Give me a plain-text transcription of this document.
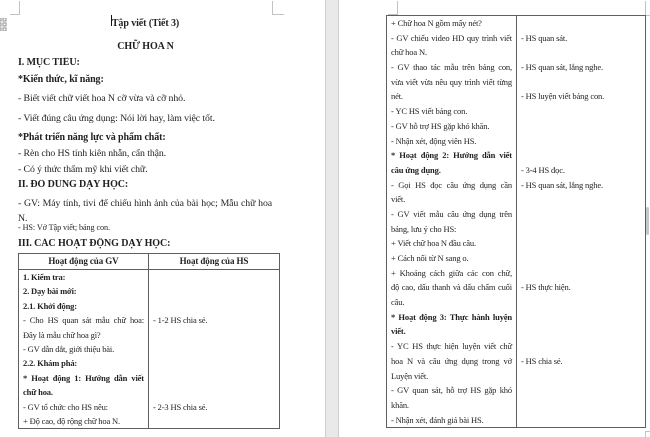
Tập viết (Tiết 3)
CHỮ HOA N
I. MỤC TIÊU:
*Kiến thức, kĩ năng:
- Biết viết chữ viết hoa N cỡ vừa và cỡ nhỏ.
- Viết đúng câu ứng dụng: Nói lời hay, làm việc tốt.
*Phát triển năng lực và phẩm chất:
- Rèn cho HS tính kiên nhẫn, cẩn thận.
- Có ý thức thẩm mỹ khi viết chữ.
II. ĐỒ DÙNG DẠY HỌC:
- GV: Máy tính, tivi để chiếu hình ảnh của bài học; Mẫu chữ hoa
N.
- HS: Vở Tập viết; bảng con.
III. CÁC HOẠT ĐỘNG DẠY HỌC:
Hoạt động của GV	Hoạt động của HS
1. Kiểm tra:
2. Dạy bài mới:
2.1. Khởi động:
- Cho HS quan sát mẫu chữ hoa:	- 1-2 HS chia sẻ.
Đây là mẫu chữ hoa gì?
- GV dẫn dắt, giới thiệu bài.
2.2. Khám phá:
* Hoạt động 1: Hướng dẫn viết
chữ hoa.
- GV tổ chức cho HS nêu:	- 2-3 HS chia sẻ.
+ Độ cao, độ rộng chữ hoa N.
+ Chữ hoa N gồm mấy nét?
- GV chiếu video HD quy trình viết	- HS quan sát.
chữ hoa N.
- GV thao tác mẫu trên bảng con,	- HS quan sát, lắng nghe.
vừa viết vừa nêu quy trình viết từng
nét.	- HS luyện viết bảng con.
- YC HS viết bảng con.
- GV hỗ trợ HS gặp khó khăn.
- Nhận xét, động viên HS.
* Hoạt động 2: Hướng dẫn viết
câu ứng dụng.	- 3-4 HS đọc.
- Gọi HS đọc câu ứng dụng cần	- HS quan sát, lắng nghe.
viết.
- GV viết mẫu câu ứng dụng trên
bảng, lưu ý cho HS:
+ Viết chữ hoa N đầu câu.
+ Cách nối từ N sang o.
+ Khoảng cách giữa các con chữ,
độ cao, dấu thanh và dấu chấm cuối	- HS thực hiện.
câu.
* Hoạt động 3: Thực hành luyện
viết.
- YC HS thực hiện luyện viết chữ
hoa N và câu ứng dụng trong vở	- HS chia sẻ.
Luyện viết.
- GV quan sát, hỗ trợ HS gặp khó
khăn.
- Nhận xét, đánh giá bài HS.
